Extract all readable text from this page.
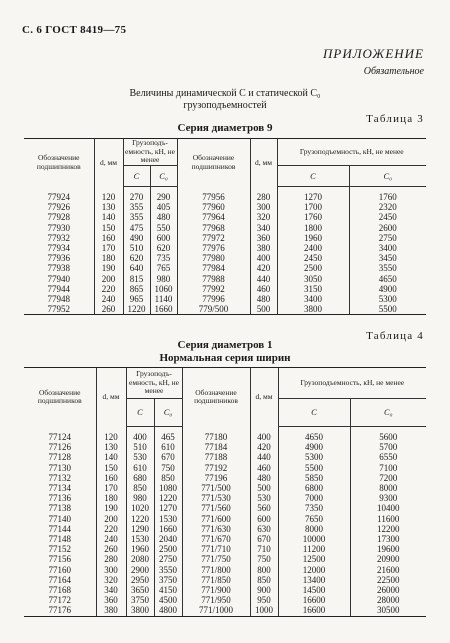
С. 6 ГОСТ 8419—75
ПРИЛОЖЕНИЕ
Обязательное
Величины динамической C и статической C₀
грузоподъемностей
Таблица 3
Серия диаметров 9
Обозначение подшипников	d, мм	Грузоподъ-емность, кН, не менее		Обозначение подшипников	d, мм	Грузоподъемность, кН, не менее	
		C	C₀			C	C₀
77924	120	270	290	77956	280	1270	1760
77926	130	355	405	77960	300	1700	2320
77928	140	355	480	77964	320	1760	2450
77930	150	475	550	77968	340	1800	2600
77932	160	490	600	77972	360	1960	2750
77934	170	510	620	77976	380	2400	3400
77936	180	620	735	77980	400	2450	3450
77938	190	640	765	77984	420	2500	3550
77940	200	815	980	77988	440	3050	4650
77944	220	865	1060	77992	460	3150	4900
77948	240	965	1140	77996	480	3400	5300
77952	260	1220	1660	779/500	500	3800	5500
Таблица 4
Серия диаметров 1
Нормальная серия ширин
Обозначение подшипников	d, мм	Грузоподъ-емность, кН, не менее		Обозначение подшипников	d, мм	Грузоподъемность, кН, не менее	
		C	C₀			C	C₀
77124	120	400	465	77180	400	4650	5600
77126	130	510	610	77184	420	4900	5700
77128	140	530	670	77188	440	5300	6550
77130	150	610	750	77192	460	5500	7100
77132	160	680	850	77196	480	5850	7200
77134	170	850	1080	771/500	500	6800	8000
77136	180	980	1220	771/530	530	7000	9300
77138	190	1020	1270	771/560	560	7350	10400
77140	200	1220	1530	771/600	600	7650	11600
77144	220	1290	1660	771/630	630	8000	12200
77148	240	1530	2040	771/670	670	10000	17300
77152	260	1960	2500	771/710	710	11200	19600
77156	280	2080	2750	771/750	750	12500	20900
77160	300	2900	3550	771/800	800	12000	21600
77164	320	2950	3750	771/850	850	13400	22500
77168	340	3650	4150	771/900	900	14500	26000
77172	360	3750	4500	771/950	950	16600	28000
77176	380	3800	4800	771/1000	1000	16600	30500
